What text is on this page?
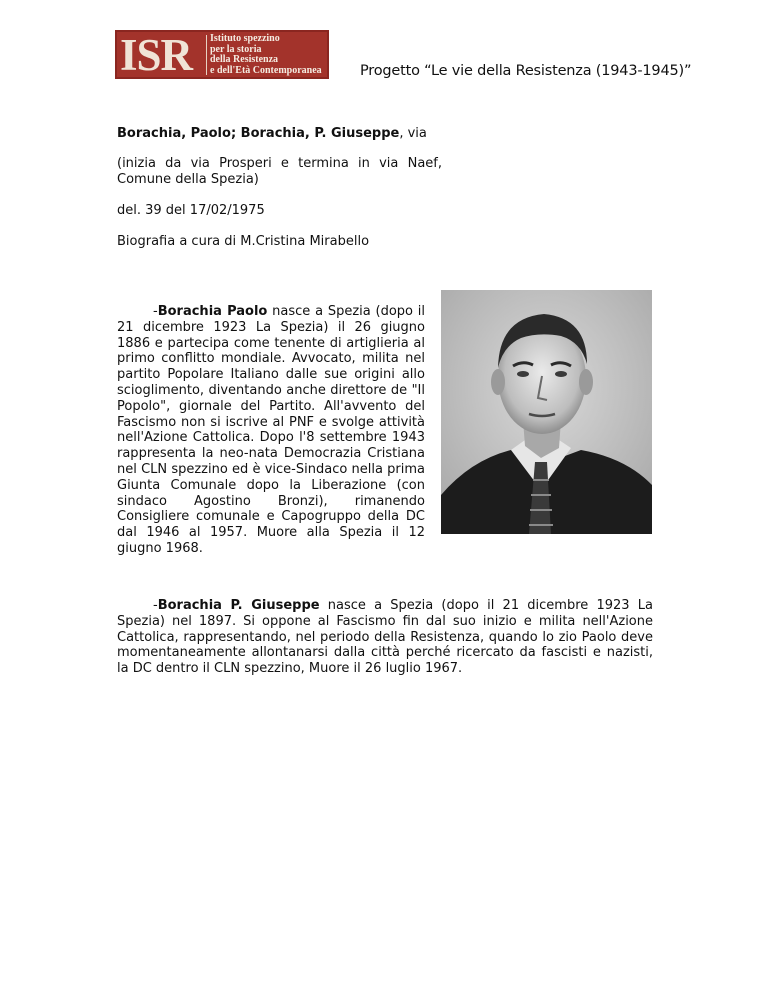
ISR Istituto spezzino
per la storia
della Resistenza
e dell'Età Contemporanea	Progetto “Le vie della Resistenza (1943-1945)”

Borachia, Paolo; Borachia, P. Giuseppe, via

(inizia da via Prosperi e termina in via Naef, Comune della Spezia)

del. 39 del 17/02/1975

Biografia a cura di M.Cristina Mirabello

-Borachia Paolo nasce a Spezia (dopo il 21 dicembre 1923 La Spezia) il 26 giugno 1886 e partecipa come tenente di artiglieria al primo conflitto mondiale. Avvocato, milita nel partito Popolare Italiano dalle sue origini allo scioglimento, diventando anche direttore de "Il Popolo", giornale del Partito. All'avvento del Fascismo non si iscrive al PNF e svolge attività nell'Azione Cattolica. Dopo l'8 settembre 1943 rappresenta la neo-nata Democrazia Cristiana nel CLN spezzino ed è vice-Sindaco nella prima Giunta Comunale dopo la Liberazione (con sindaco Agostino Bronzi), rimanendo Consigliere comunale e Capogruppo della DC dal 1946 al 1957. Muore alla Spezia il 12 giugno 1968.

-Borachia P. Giuseppe nasce a Spezia (dopo il 21 dicembre 1923 La Spezia) nel 1897. Si oppone al Fascismo fin dal suo inizio e milita nell'Azione Cattolica, rappresentando, nel periodo della Resistenza, quando lo zio Paolo deve momentaneamente allontanarsi dalla città perché ricercato da fascisti e nazisti, la DC dentro il CLN spezzino, Muore il 26 luglio 1967.
